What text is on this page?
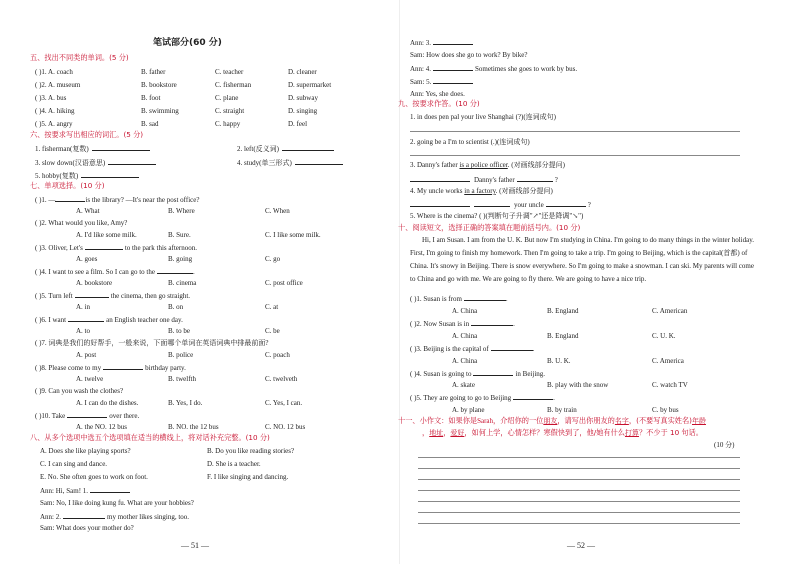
笔试部分(60 分)
五、找出不同类的单词。(5 分)
( )1. A. coach	B. father	C. teacher	D. cleaner
( )2. A. museum	B. bookstore	C. fisherman	D. supermarket
( )3. A. bus	B. foot	C. plane	D. subway
( )4. A. hiking	B. swimming	C. straight	D. singing
( )5. A. angry	B. sad	C. happy	D. feel
六、按要求写出相应的词汇。(5 分)
1. fisherman(复数)	2. left(反义词)
3. slow down(汉语意思)	4. study(单三形式)
5. hobby(复数)
七、单项选择。(10 分)
( )1. —	is the library? —It's near the post office?
A. What	B. Where	C. When
( )2. What would you like, Amy?
A. I'd like some milk.	B. Sure.	C. I like some milk.
( )3. Oliver, Let's	to the park this afternoon.
A. goes	B. going	C. go
( )4. I want to see a film. So I can go to the	.
A. bookstore	B. cinema	C. post office
( )5. Turn left	the cinema, then go straight.
A. in	B. on	C. at
( )6. I want	an English teacher one day.
A. to	B. to be	C. be
( )7. 词典是我们的好帮手，一般来说，下面哪个单词在英语词典中排最前面?
A. post	B. police	C. poach
( )8. Please come to my	birthday party.
A. twelve	B. twelfth	C. twelveth
( )9. Can you wash the clothes?
A. I can do the dishes.	B. Yes, I do.	C. Yes, I can.
( )10. Take	over there.
A. the NO. 12 bus	B. NO. the 12 bus	C. NO. 12 bus
八、从多个选项中选五个选项填在适当的横线上，将对话补充完整。(10 分)
A. Does she like playing sports?	B. Do you like reading stories?
C. I can sing and dance.	D. She is a teacher.
E. No. She often goes to work on foot.	F. I like singing and dancing.
Ann: Hi, Sam! 1.
Sam: No, I like doing kung fu. What are your hobbies?
Ann: 2.	my mother likes singing, too.
Sam: What does your mother do?
— 51 —
Ann: 3.
Sam: How does she go to work? By bike?
Ann: 4.	Sometimes she goes to work by bus.
Sam: 5.
Ann: Yes, she does.
九、按要求作答。(10 分)
1. in does pen pal your live Shanghai (?)(连词成句)
2. going be a I'm to scientist (.)(连词成句)
3. Danny's father is a police officer. (对画线部分提问)
Danny's father	?
4. My uncle works in a factory. (对画线部分提问)
your uncle	?
5. Where is the cinema? ( )(判断句子升调"↗"还是降调"↘")
十、阅读短文，选择正确的答案填在题前括号内。(10 分)
Hi, I am Susan. I am from the U. K. But now I'm studying in China. I'm going to do many things in the winter holiday. First, I'm going to finish my homework. Then I'm going to take a trip. I'm going to Beijing, which is the capital(首都) of China. It's snowy in Beijing. There is snow everywhere. So I'm going to make a snowman. I can ski. My parents will come to China and go with me. We are going to fly there. We are going to have a nice trip.
( )1. Susan is from	.
A. China	B. England	C. American
( )2. Now Susan is in	.
A. China	B. England	C. U. K.
( )3. Beijing is the capital of	.
A. China	B. U. K.	C. America
( )4. Susan is going to	in Beijing.
A. skate	B. play with the snow	C. watch TV
( )5. They are going to go to Beijing	.
A. by plane	B. by train	C. by bus
十一、小作文：如果你是Sarah，介绍你的一位朋友，请写出你朋友的名字，(不要写真实姓名)年龄
，地址，爱好，如何上学，心情怎样？寒假快到了，他/她有什么打算？不少于 10 句话。
(10 分)
— 52 —
